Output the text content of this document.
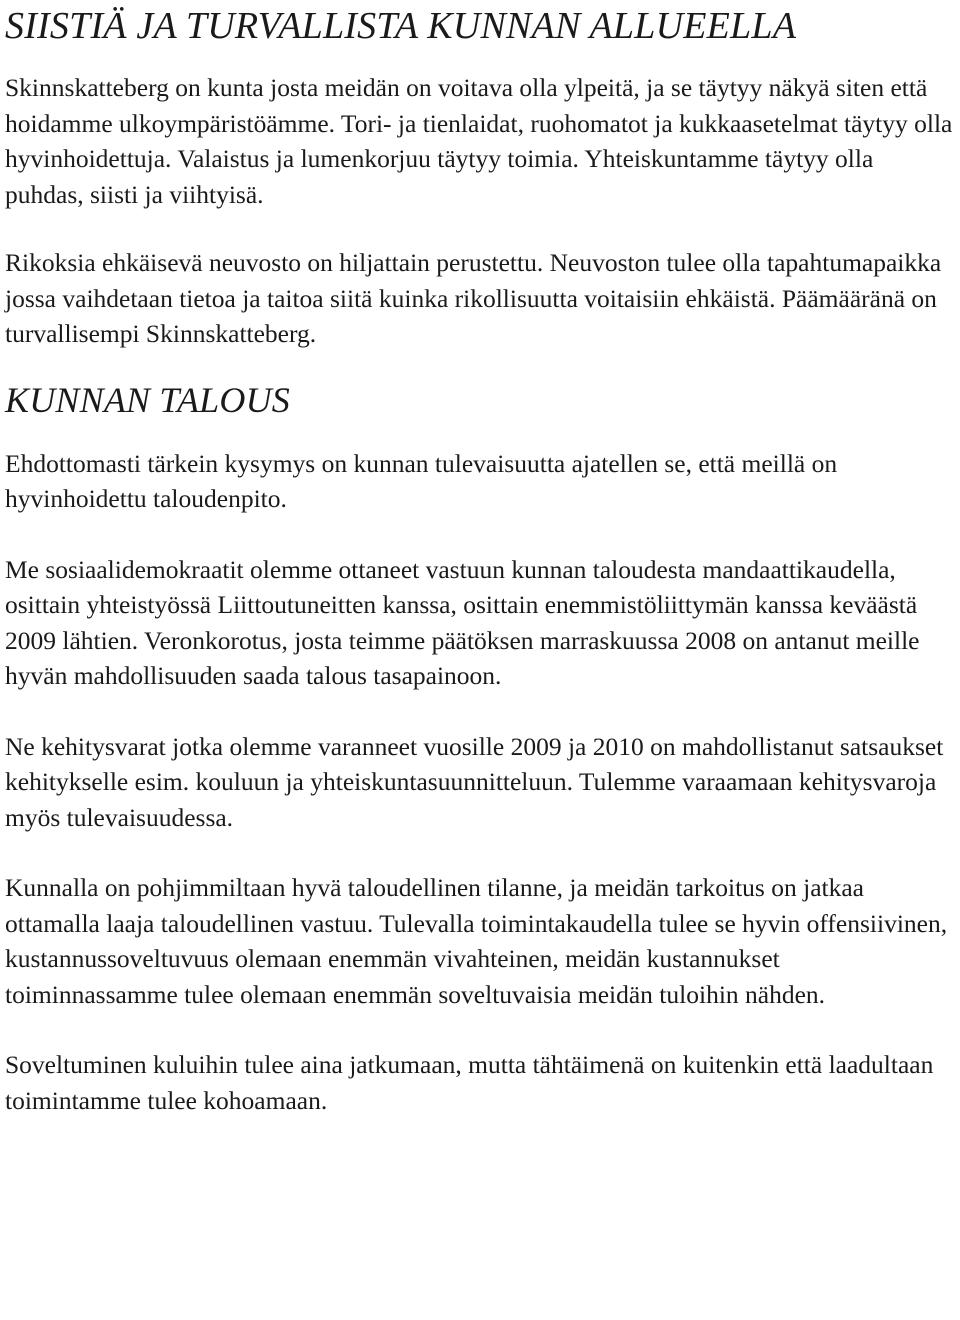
SIISTIÄ JA TURVALLISTA KUNNAN ALLUEELLA

Skinnskatteberg on kunta josta meidän on voitava olla ylpeitä, ja se täytyy näkyä siten että hoidamme ulkoympäristöämme. Tori- ja tienlaidat, ruohomatot ja kukkaasetelmat täytyy olla hyvinhoidettuja. Valaistus ja lumenkorjuu täytyy toimia. Yhteiskuntamme täytyy olla puhdas, siisti ja viihtyisä.

Rikoksia ehkäisevä neuvosto on hiljattain perustettu. Neuvoston tulee olla tapahtumapaikka jossa vaihdetaan tietoa ja taitoa siitä kuinka rikollisuutta voitaisiin ehkäistä. Päämääränä on turvallisempi Skinnskatteberg.

KUNNAN TALOUS

Ehdottomasti tärkein kysymys on kunnan tulevaisuutta ajatellen se, että meillä on hyvinhoidettu taloudenpito.

Me sosiaalidemokraatit olemme ottaneet vastuun kunnan taloudesta mandaattikaudella, osittain yhteistyössä Liittoutuneitten kanssa, osittain enemmistöliittymän kanssa keväästä 2009 lähtien. Veronkorotus, josta teimme päätöksen marraskuussa 2008 on antanut meille hyvän mahdollisuuden saada talous tasapainoon.

Ne kehitysvarat jotka olemme varanneet vuosille 2009 ja 2010 on mahdollistanut satsaukset kehitykselle esim. kouluun ja yhteiskuntasuunnitteluun. Tulemme varaamaan kehitysvaroja myös tulevaisuudessa.

Kunnalla on pohjimmiltaan hyvä taloudellinen tilanne, ja meidän tarkoitus on jatkaa ottamalla laaja taloudellinen vastuu. Tulevalla toimintakaudella tulee se hyvin offensiivinen, kustannussoveltuvuus olemaan enemmän vivahteinen, meidän kustannukset toiminnassamme tulee olemaan enemmän soveltuvaisia meidän tuloihin nähden.

Soveltuminen kuluihin tulee aina jatkumaan, mutta tähtäimenä on kuitenkin että laadultaan toimintamme tulee kohoamaan.
